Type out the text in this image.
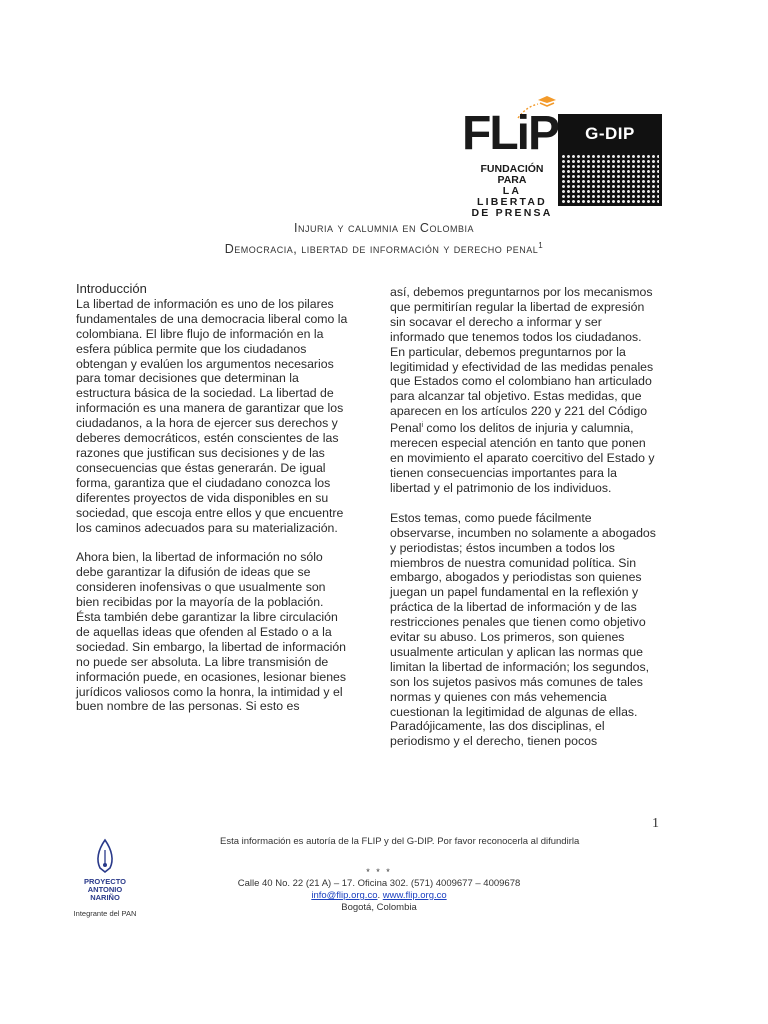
FLiP
FUNDACIÓN PARA
LA LIBERTAD
DE PRENSA
G-DIP
Injuria y calumnia en Colombia
Democracia, libertad de información y derecho penal$^1$

Introducción

La libertad de información es uno de los pilares fundamentales de una democracia liberal como la colombiana. El libre flujo de información en la esfera pública permite que los ciudadanos obtengan y evalúen los argumentos necesarios para tomar decisiones que determinan la estructura básica de la sociedad. La libertad de información es una manera de garantizar que los ciudadanos, a la hora de ejercer sus derechos y deberes democráticos, estén conscientes de las razones que justifican sus decisiones y de las consecuencias que éstas generarán. De igual forma, garantiza que el ciudadano conozca los diferentes proyectos de vida disponibles en su sociedad, que escoja entre ellos y que encuentre los caminos adecuados para su materialización.

Ahora bien, la libertad de información no sólo debe garantizar la difusión de ideas que se consideren inofensivas o que usualmente son bien recibidas por la mayoría de la población. Ésta también debe garantizar la libre circulación de aquellas ideas que ofenden al Estado o a la sociedad. Sin embargo, la libertad de información no puede ser absoluta. La libre transmisión de información puede, en ocasiones, lesionar bienes jurídicos valiosos como la honra, la intimidad y el buen nombre de las personas. Si esto es

así, debemos preguntarnos por los mecanismos que permitirían regular la libertad de expresión sin socavar el derecho a informar y ser informado que tenemos todos los ciudadanos. En particular, debemos preguntarnos por la legitimidad y efectividad de las medidas penales que Estados como el colombiano han articulado para alcanzar tal objetivo. Estas medidas, que aparecen en los artículos 220 y 221 del Código Penal$^i$ como los delitos de injuria y calumnia, merecen especial atención en tanto que ponen en movimiento el aparato coercitivo del Estado y tienen consecuencias importantes para la libertad y el patrimonio de los individuos.

Estos temas, como puede fácilmente observarse, incumben no solamente a abogados y periodistas; éstos incumben a todos los miembros de nuestra comunidad política. Sin embargo, abogados y periodistas son quienes juegan un papel fundamental en la reflexión y práctica de la libertad de información y de las restricciones penales que tienen como objetivo evitar su abuso. Los primeros, son quienes usualmente articulan y aplican las normas que limitan la libertad de información; los segundos, son los sujetos pasivos más comunes de tales normas y quienes con más vehemencia cuestionan la legitimidad de algunas de ellas. Paradójicamente, las dos disciplinas, el periodismo y el derecho, tienen pocos

1
Esta información es autoría de la FLIP y del G-DIP. Por favor reconocerla al difundirla
* * *
Calle 40 No. 22 (21 A) – 17. Oficina 302. (571) 4009677 – 4009678
info@flip.org.co. www.flip.org.co
Bogotá, Colombia
PROYECTO
ANTONIO
NARIÑO
Integrante del PAN
